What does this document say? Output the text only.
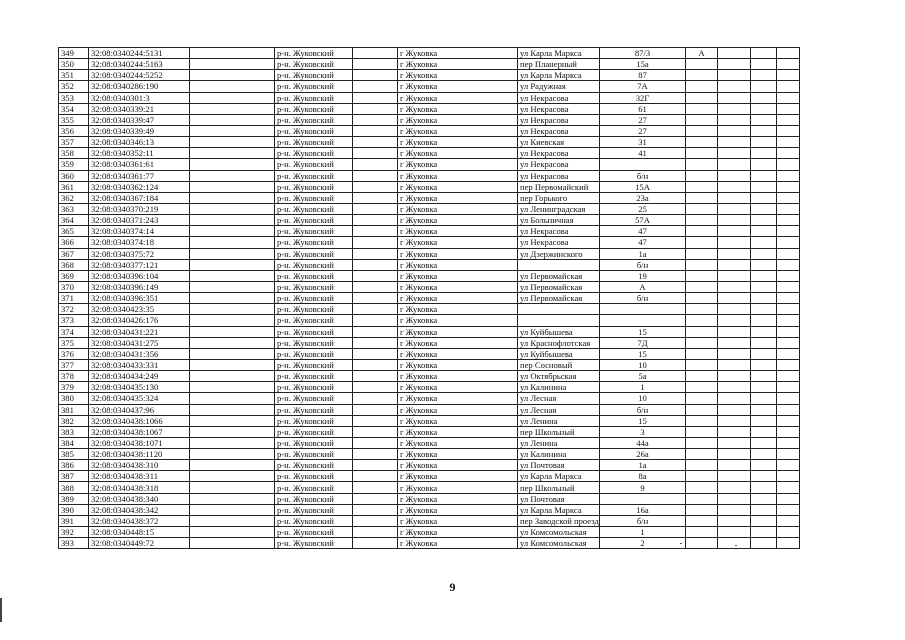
349	32:08:0340244:5131		р-н. Жуковский		г Жуковка	ул Карла Маркса	87/3	А			
350	32:08:0340244:5163		р-н. Жуковский		г Жуковка	пер Планерный	15а				
351	32:08:0340244:5252		р-н. Жуковский		г Жуковка	ул Карла Маркса	87				
352	32:08:0340286:190		р-н. Жуковский		г Жуковка	ул Радужная	7А				
353	32:08:0340301:3		р-н. Жуковский		г Жуковка	ул Некрасова	32Г				
354	32:08:0340339:21		р-н. Жуковский		г Жуковка	ул Некрасова	61				
355	32:08:0340339:47		р-н. Жуковский		г Жуковка	ул Некрасова	27				
356	32:08:0340339:49		р-н. Жуковский		г Жуковка	ул Некрасова	27				
357	32:08:0340346:13		р-н. Жуковский		г Жуковка	ул Киевская	31				
358	32:08:0340352:11		р-н. Жуковский		г Жуковка	ул Некрасова	41				
359	32:08:0340361:61		р-н. Жуковский		г Жуковка	ул Некрасова					
360	32:08:0340361:77		р-н. Жуковский		г Жуковка	ул Некрасова	б/н				
361	32:08:0340362:124		р-н. Жуковский		г Жуковка	пер Первомайский	15А				
362	32:08:0340367:184		р-н. Жуковский		г Жуковка	пер Горького	23а				
363	32:08:0340370:219		р-н. Жуковский		г Жуковка	ул Ленинградская	25				
364	32:08:0340371:243		р-н. Жуковский		г Жуковка	ул Больничная	57А				
365	32:08:0340374:14		р-н. Жуковский		г Жуковка	ул Некрасова	47				
366	32:08:0340374:18		р-н. Жуковский		г Жуковка	ул Некрасова	47				
367	32:08:0340375:72		р-н. Жуковский		г Жуковка	ул Дзержинского	1а				
368	32:08:0340377:121		р-н. Жуковский		г Жуковка		б/н				
369	32:08:0340396:104		р-н. Жуковский		г Жуковка	ул Первомайская	19				
370	32:08:0340396:149		р-н. Жуковский		г Жуковка	ул Первомайская	А				
371	32:08:0340396:351		р-н. Жуковский		г Жуковка	ул Первомайская	б/н				
372	32:08:0340423:35		р-н. Жуковский		г Жуковка						
373	32:08:0340426:176		р-н. Жуковский		г Жуковка						
374	32:08:0340431:221		р-н. Жуковский		г Жуковка	ул Куйбышева	15				
375	32:08:0340431:275		р-н. Жуковский		г Жуковка	ул Краснофлотская	7Д				
376	32:08:0340431:356		р-н. Жуковский		г Жуковка	ул Куйбышева	15				
377	32:08:0340433:331		р-н. Жуковский		г Жуковка	пер Сосновый	10				
378	32:08:0340434:249		р-н. Жуковский		г Жуковка	ул Октябрьская	5а				
379	32:08:0340435:130		р-н. Жуковский		г Жуковка	ул Калинина	1				
380	32:08:0340435:324		р-н. Жуковский		г Жуковка	ул Лесная	10				
381	32:08:0340437:96		р-н. Жуковский		г Жуковка	ул Лесная	б/н				
382	32:08:0340438:1066		р-н. Жуковский		г Жуковка	ул Ленина	15				
383	32:08:0340438:1067		р-н. Жуковский		г Жуковка	пер Школьный	3				
384	32:08:0340438:1071		р-н. Жуковский		г Жуковка	ул Ленина	44а				
385	32:08:0340438:1120		р-н. Жуковский		г Жуковка	ул Калинина	26а				
386	32:08:0340438:310		р-н. Жуковский		г Жуковка	ул Почтовая	1а				
387	32:08:0340438:311		р-н. Жуковский		г Жуковка	ул Карла Маркса	8а				
388	32:08:0340438:318		р-н. Жуковский		г Жуковка	пер Школьный	9				
389	32:08:0340438:340		р-н. Жуковский		г Жуковка	ул Почтовая					
390	32:08:0340438:342		р-н. Жуковский		г Жуковка	ул Карла Маркса	16а				
391	32:08:0340438:372		р-н. Жуковский		г Жуковка	пер Заводской проезд	б/н				
392	32:08:0340448:15		р-н. Жуковский		г Жуковка	ул Комсомольская	1				
393	32:08:0340449:72		р-н. Жуковский		г Жуковка	ул Комсомольская	2				
9
